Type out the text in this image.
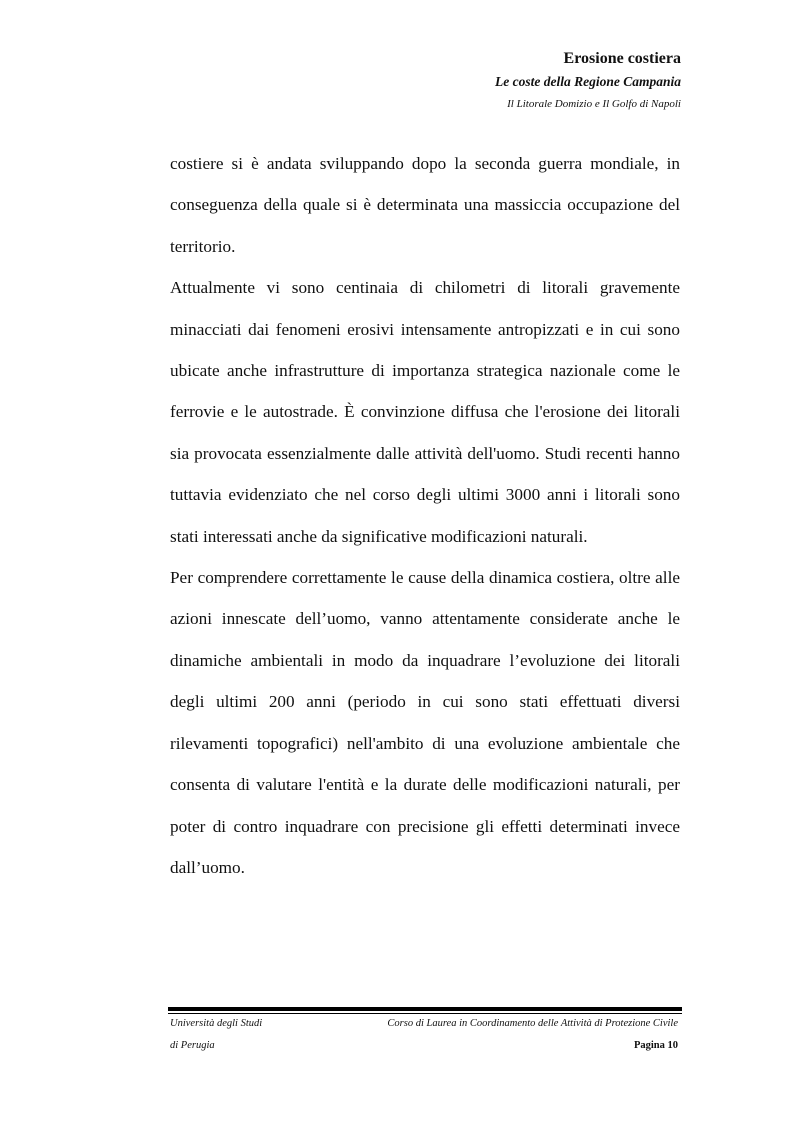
Erosione costiera
Le coste della Regione Campania
Il Litorale Domizio e Il Golfo di Napoli

costiere si è andata sviluppando dopo la seconda guerra mondiale, in conseguenza della quale si è determinata una massiccia occupazione del territorio.

Attualmente vi sono centinaia di chilometri di litorali gravemente minacciati dai fenomeni erosivi intensamente antropizzati e in cui sono ubicate anche infrastrutture di importanza strategica nazionale come le ferrovie e le autostrade. È convinzione diffusa che l'erosione dei litorali sia provocata essenzialmente dalle attività dell'uomo. Studi recenti hanno tuttavia evidenziato che nel corso degli ultimi 3000 anni i litorali sono stati interessati anche da significative modificazioni naturali.

Per comprendere correttamente le cause della dinamica costiera, oltre alle azioni innescate dell’uomo, vanno attentamente considerate anche le dinamiche ambientali in modo da inquadrare l’evoluzione dei litorali degli ultimi 200 anni (periodo in cui sono stati effettuati diversi rilevamenti topografici) nell'ambito di una evoluzione ambientale che consenta di valutare l'entità e la durate delle modificazioni naturali, per poter di contro inquadrare con precisione gli effetti determinati invece dall’uomo.

Università degli Studi	Corso di Laurea in Coordinamento delle Attività di Protezione Civile
di Perugia	Pagina 10
